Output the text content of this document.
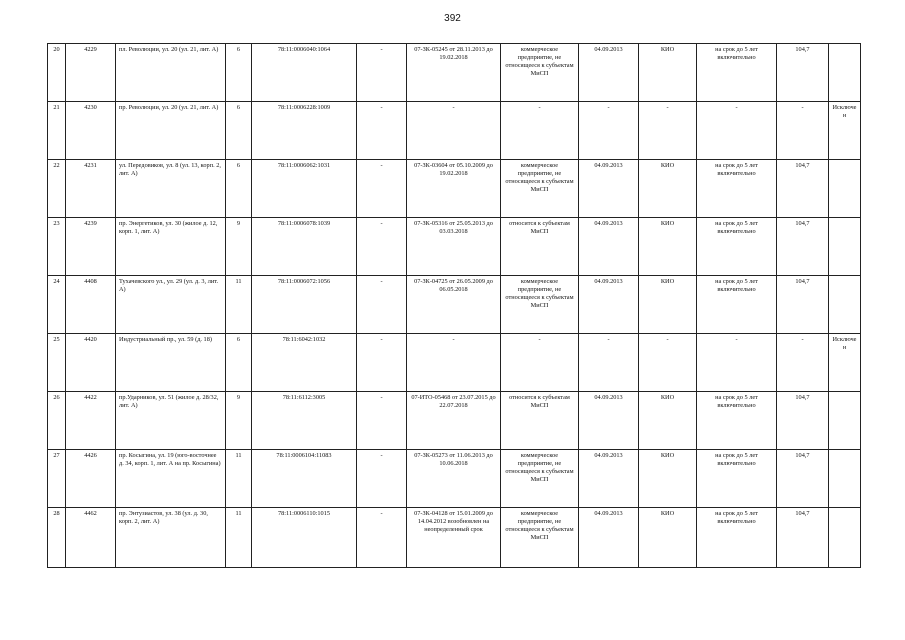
392
20	4229	пл. Революции, ул. 20 (ул. 21, лит. А)	6	78:11:0006040:1064	-	07-ЗК-05245 от 28.11.2013 до 19.02.2018	коммерческое предприятие, не относящееся к субъектам МиСП	04.09.2013	КИО	на срок до 5 лет включительно	104,7	
21	4230	пр. Революции, ул. 20 (ул. 21, лит. А)	6	78:11:0006228:1009	-	-	-	-	-	-	-	Исключен
22	4231	ул. Передовиков, ул. 8 (ул. 13, корп. 2, лит. А)	6	78:11:0006062:1031	-	07-ЗК-03604 от 05.10.2009 до 19.02.2018	коммерческое предприятие, не относящееся к субъектам МиСП	04.09.2013	КИО	на срок до 5 лет включительно	104,7	
23	4239	пр. Энергетиков, ул. 30 (жилое д. 12, корп. 1, лит. А)	9	78:11:0006078:1039	-	07-ЗК-05316 от 25.05.2013 до 03.03.2018	относится к субъектам МиСП	04.09.2013	КИО	на срок до 5 лет включительно	104,7	
24	4408	Тухачевского ул., ул. 29 (ул. д. 3, лит. А)	11	78:11:0006072:1056	-	07-ЗК-04725 от 26.05.2009 до 06.05.2018	коммерческое предприятие, не относящееся к субъектам МиСП	04.09.2013	КИО	на срок до 5 лет включительно	104,7	
25	4420	Индустриальный пр., ул. 59 (д. 18)	6	78:11:6042:1032	-	-	-	-	-	-	-	Исключен
26	4422	пр.Ударников, ул. 51 (жилое д. 28/32, лит. А)	9	78:11:6112:3005	-	07-ИТО-05468 от 23.07.2015 до 22.07.2018	относится к субъектам МиСП	04.09.2013	КИО	на срок до 5 лет включительно	104,7	
27	4426	пр. Косыгина, ул. 19 (юго-восточнее д. 34, корп. 1, лит. А на пр. Косыгина)	11	78:11:0006104:11083	-	07-ЗК-05273 от 11.06.2013 до 10.06.2018	коммерческое предприятие, не относящееся к субъектам МиСП	04.09.2013	КИО	на срок до 5 лет включительно	104,7	
28	4462	пр. Энтузиастов, ул. 38 (ул. д. 30, корп. 2, лит. А)	11	78:11:0006110:1015	-	07-ЗК-04128 от 15.01.2009 до 14.04.2012 возобновлен на неопределенный срок	коммерческое предприятие, не относящееся к субъектам МиСП	04.09.2013	КИО	на срок до 5 лет включительно	104,7	
